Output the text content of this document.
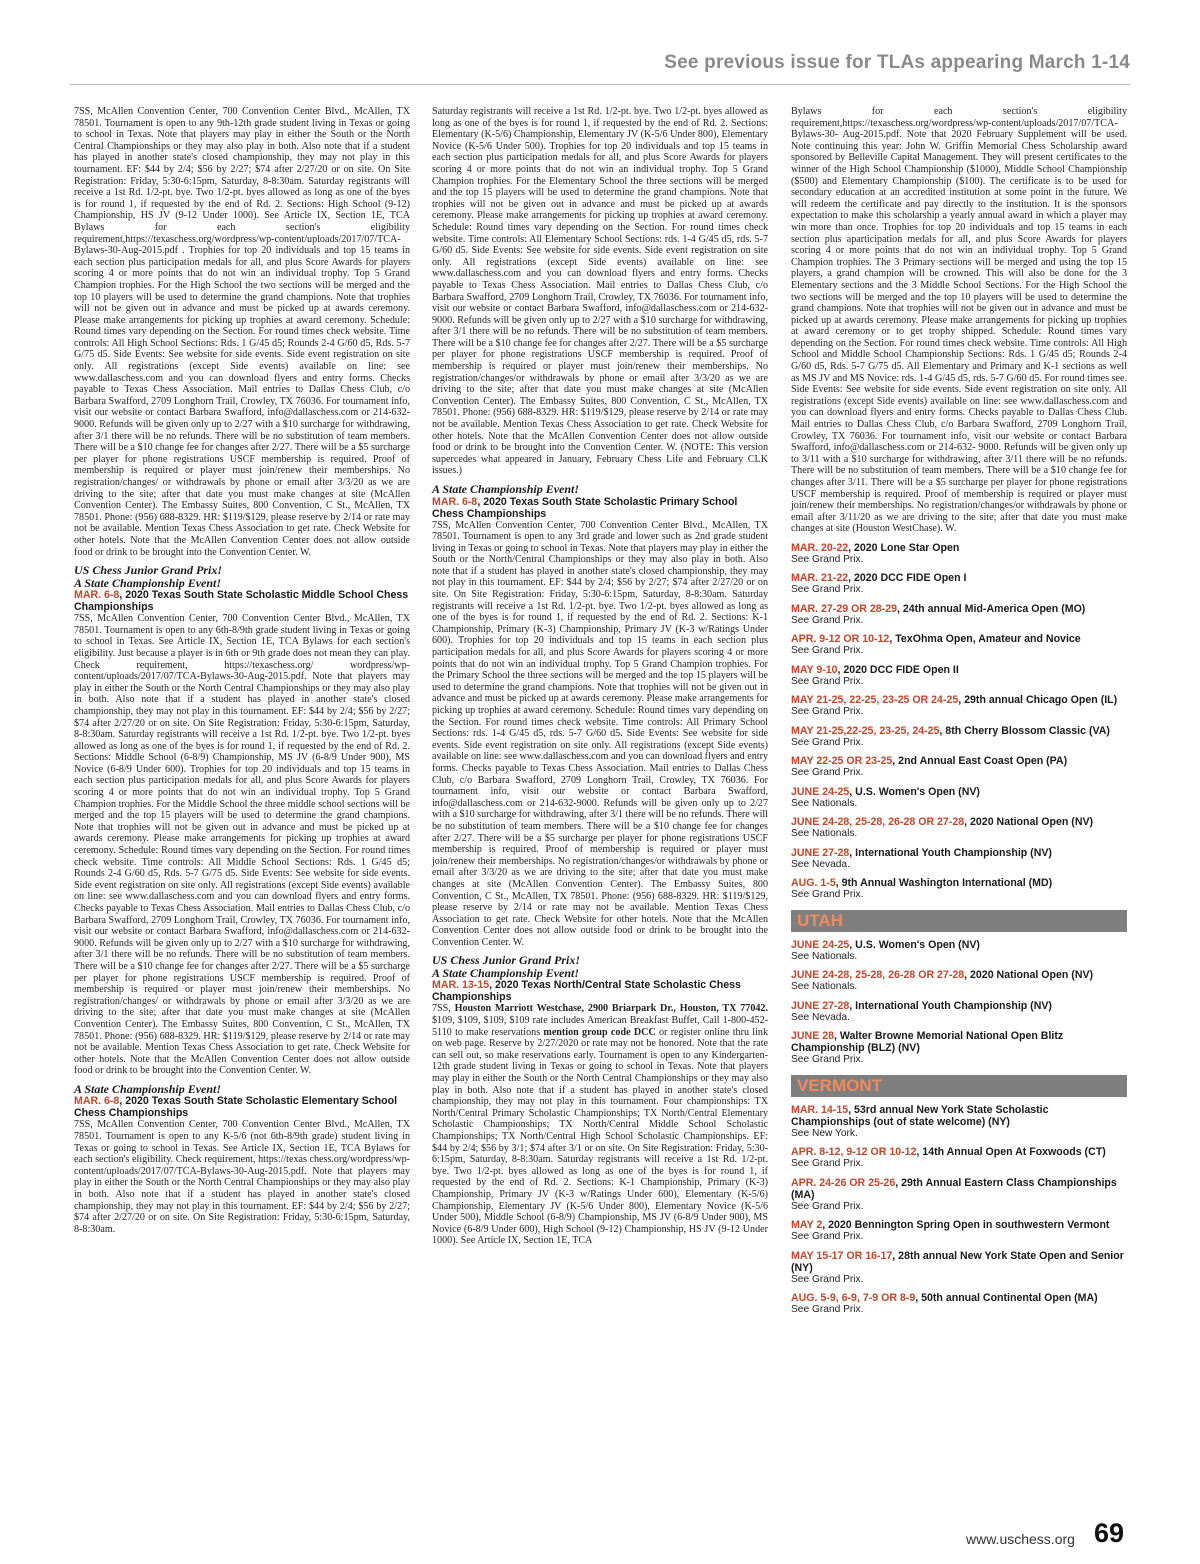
See previous issue for TLAs appearing March 1-14

7SS, McAllen Convention Center, 700 Convention Center Blvd., McAllen, TX 78501. Tournament is open to any 9th-12th grade student living in Texas or going to school in Texas. Note that players may play in either the South or the North Central Championships or they may also play in both. Also note that if a student has played in another state's closed championship, they may not play in this tournament. EF: $44 by 2/4; $56 by 2/27; $74 after 2/27/20 or on site. On Site Registration: Friday, 5:30-6:15pm, Saturday, 8-8:30am. Saturday registrants will receive a 1st Rd. 1/2-pt. bye. Two 1/2-pt. byes allowed as long as one of the byes is for round 1, if requested by the end of Rd. 2. Sections: High School (9-12) Championship, HS JV (9-12 Under 1000). See Article IX, Section 1E, TCA Bylaws for each section's eligibility requirement,https://texaschess.org/wordpress/wp-content/uploads/2017/07/TCA-Bylaws-30-Aug-2015.pdf . Trophies for top 20 individuals and top 15 teams in each section plus participation medals for all, and plus Score Awards for players scoring 4 or more points that do not win an individual trophy. Top 5 Grand Champion trophies. For the High School the two sections will be merged and the top 10 players will be used to determine the grand champions. Note that trophies will not be given out in advance and must be picked up at awards ceremony. Please make arrangements for picking up trophies at award ceremony. Schedule: Round times vary depending on the Section. For round times check website. Time controls: All High School Sections: Rds. 1 G/45 d5; Rounds 2-4 G/60 d5, Rds. 5-7 G/75 d5. Side Events: See website for side events. Side event registration on site only. All registrations (except Side events) available on line: see www.dallaschess.com and you can download flyers and entry forms. Checks payable to Texas Chess Association. Mail entries to Dallas Chess Club, c/o Barbara Swafford, 2709 Longhorn Trail, Crowley, TX 76036. For tournament info, visit our website or contact Barbara Swafford, info@dallaschess.com or 214-632-9000. Refunds will be given only up to 2/27 with a $10 surcharge for withdrawing, after 3/1 there will be no refunds. There will be no substitution of team members. There will be a $10 change fee for changes after 2/27. There will be a $5 surcharge per player for phone registrations USCF membership is required. Proof of membership is required or player must join/renew their memberships. No registration/changes/ or withdrawals by phone or email after 3/3/20 as we are driving to the site; after that date you must make changes at site (McAllen Convention Center). The Embassy Suites, 800 Convention, C St., McAllen, TX 78501. Phone: (956) 688-8329. HR: $119/$129, please reserve by 2/14 or rate may not be available. Mention Texas Chess Association to get rate. Check Website for other hotels. Note that the McAllen Convention Center does not allow outside food or drink to be brought into the Convention Center. W.

US Chess Junior Grand Prix!
A State Championship Event!
MAR. 6-8, 2020 Texas South State Scholastic Middle School Chess Championships

7SS, McAllen Convention Center, 700 Convention Center Blvd., McAllen, TX 78501. Tournament is open to any 6th-8/9th grade student living in Texas or going to school in Texas. See Article IX, Section 1E, TCA Bylaws for each section's eligibility. Just because a player is in 6th or 9th grade does not mean they can play. Check requirement, https://texaschess.org/ wordpress/wp-content/uploads/2017/07/TCA-Bylaws-30-Aug-2015.pdf. Note that players may play in either the South or the North Central Championships or they may also play in both. Also note that if a student has played in another state's closed championship, they may not play in this tournament. EF: $44 by 2/4; $56 by 2/27; $74 after 2/27/20 or on site. On Site Registration: Friday, 5:30-6:15pm, Saturday, 8-8:30am. Saturday registrants will receive a 1st Rd. 1/2-pt. bye. Two 1/2-pt. byes allowed as long as one of the byes is for round 1, if requested by the end of Rd. 2. Sections: Middle School (6-8/9) Championship, MS JV (6-8/9 Under 900), MS Novice (6-8/9 Under 600). Trophies for top 20 individuals and top 15 teams in each section plus participation medals for all, and plus Score Awards for players scoring 4 or more points that do not win an individual trophy. Top 5 Grand Champion trophies. For the Middle School the three middle school sections will be merged and the top 15 players will be used to determine the grand champions. Note that trophies will not be given out in advance and must be picked up at awards ceremony. Please make arrangements for picking up trophies at award ceremony. Schedule: Round times vary depending on the Section. For round times check website. Time controls: All Middle School Sections: Rds. 1 G/45 d5; Rounds 2-4 G/60 d5, Rds. 5-7 G/75 d5. Side Events: See website for side events. Side event registration on site only. All registrations (except Side events) available on line: see www.dallaschess.com and you can download flyers and entry forms. Checks payable to Texas Chess Association. Mail entries to Dallas Chess Club, c/o Barbara Swafford, 2709 Longhorn Trail, Crowley, TX 76036. For tournament info, visit our website or contact Barbara Swafford, info@dallaschess.com or 214-632-9000. Refunds will be given only up to 2/27 with a $10 surcharge for withdrawing, after 3/1 there will be no refunds. There will be no substitution of team members. There will be a $10 change fee for changes after 2/27. There will be a $5 surcharge per player for phone registrations USCF membership is required. Proof of membership is required or player must join/renew their memberships. No registration/changes/ or withdrawals by phone or email after 3/3/20 as we are driving to the site; after that date you must make changes at site (McAllen Convention Center). The Embassy Suites, 800 Convention, C St., McAllen, TX 78501. Phone: (956) 688-8329. HR: $119/$129, please reserve by 2/14 or rate may not be available. Mention Texas Chess Association to get rate. Check Website for other hotels. Note that the McAllen Convention Center does not allow outside food or drink to be brought into the Convention Center. W.

A State Championship Event!
MAR. 6-8, 2020 Texas South State Scholastic Elementary School Chess Championships

7SS, McAllen Convention Center, 700 Convention Center Blvd., McAllen, TX 78501. Tournament is open to any K-5/6 (not 6th-8/9th grade) student living in Texas or going to school in Texas. See Article IX, Section 1E, TCA Bylaws for each section's eligibility. Check requirement, https://texas chess.org/wordpress/wp-content/uploads/2017/07/TCA-Bylaws-30-Aug-2015.pdf. Note that players may play in either the South or the North Central Championships or they may also play in both. Also note that if a student has played in another state's closed championship, they may not play in this tournament. EF: $44 by 2/4; $56 by 2/27; $74 after 2/27/20 or on site. On Site Registration: Friday, 5:30-6:15pm, Saturday, 8-8:30am.

Saturday registrants will receive a 1st Rd. 1/2-pt. bye. Two 1/2-pt. byes allowed as long as one of the byes is for round 1, if requested by the end of Rd. 2. Sections: Elementary (K-5/6) Championship, Elementary JV (K-5/6 Under 800), Elementary Novice (K-5/6 Under 500). Trophies for top 20 individuals and top 15 teams in each section plus participation medals for all, and plus Score Awards for players scoring 4 or more points that do not win an individual trophy. Top 5 Grand Champion trophies. For the Elementary School the three sections will be merged and the top 15 players will be used to determine the grand champions. Note that trophies will not be given out in advance and must be picked up at awards ceremony. Please make arrangements for picking up trophies at award ceremony. Schedule: Round times vary depending on the Section. For round times check website. Time controls: All Elementary School Sections: rds. 1-4 G/45 d5, rds. 5-7 G/60 d5. Side Events: See website for side events. Side event registration on site only. All registrations (except Side events) available on line: see www.dallaschess.com and you can download flyers and entry forms. Checks payable to Texas Chess Association. Mail entries to Dallas Chess Club, c/o Barbara Swafford, 2709 Longhorn Trail, Crowley, TX 76036. For tournament info, visit our website or contact Barbara Swafford, info@dallaschess.com or 214-632-9000. Refunds will be given only up to 2/27 with a $10 surcharge for withdrawing, after 3/1 there will be no refunds. There will be no substitution of team members. There will be a $10 change fee for changes after 2/27. There will be a $5 surcharge per player for phone registrations USCF membership is required. Proof of membership is required or player must join/renew their memberships. No registration/changes/or withdrawals by phone or email after 3/3/20 as we are driving to the site; after that date you must make changes at site (McAllen Convention Center). The Embassy Suites, 800 Convention, C St., McAllen, TX 78501. Phone: (956) 688-8329. HR: $119/$129, please reserve by 2/14 or rate may not be available. Mention Texas Chess Association to get rate. Check Website for other hotels. Note that the McAllen Convention Center does not allow outside food or drink to be brought into the Convention Center. W. (NOTE: This version supercedes what appeared in January, February Chess Life and February CLK issues.)

A State Championship Event!
MAR. 6-8, 2020 Texas South State Scholastic Primary School Chess Championships

7SS, McAllen Convention Center, 700 Convention Center Blvd., McAllen, TX 78501. Tournament is open to any 3rd grade and lower such as 2nd grade student living in Texas or going to school in Texas. Note that players may play in either the South or the North/Central Championships or they may also play in both. Also note that if a student has played in another state's closed championship, they may not play in this tournament. EF: $44 by 2/4; $56 by 2/27; $74 after 2/27/20 or on site. On Site Registration: Friday, 5:30-6:15pm, Saturday, 8-8:30am. Saturday registrants will receive a 1st Rd. 1/2-pt. bye. Two 1/2-pt. byes allowed as long as one of the byes is for round 1, if requested by the end of Rd. 2. Sections: K-1 Championship, Primary (K-3) Championship, Primary JV (K-3 w/Ratings Under 600). Trophies for top 20 individuals and top 15 teams in each section plus participation medals for all, and plus Score Awards for players scoring 4 or more points that do not win an individual trophy. Top 5 Grand Champion trophies. For the Primary School the three sections will be merged and the top 15 players will be used to determine the grand champions. Note that trophies will not be given out in advance and must be picked up at awards ceremony. Please make arrangements for picking up trophies at award ceremony. Schedule: Round times vary depending on the Section. For round times check website. Time controls: All Primary School Sections: rds. 1-4 G/45 d5, rds. 5-7 G/60 d5. Side Events: See website for side events. Side event registration on site only. All registrations (except Side events) available on line: see www.dallaschess.com and you can download flyers and entry forms. Checks payable to Texas Chess Association. Mail entries to Dallas Chess Club, c/o Barbara Swafford, 2709 Longhorn Trail, Crowley, TX 76036. For tournament info, visit our website or contact Barbara Swafford, info@dallaschess.com or 214-632-9000. Refunds will be given only up to 2/27 with a $10 surcharge for withdrawing, after 3/1 there will be no refunds. There will be no substitution of team members. There will be a $10 change fee for changes after 2/27. There will be a $5 surcharge per player for phone registrations USCF membership is required. Proof of membership is required or player must join/renew their memberships. No registration/changes/or withdrawals by phone or email after 3/3/20 as we are driving to the site; after that date you must make changes at site (McAllen Convention Center). The Embassy Suites, 800 Convention, C St., McAllen, TX 78501. Phone: (956) 688-8329. HR: $119/$129, please reserve by 2/14 or rate may not be available. Mention Texas Chess Association to get rate. Check Website for other hotels. Note that the McAllen Convention Center does not allow outside food or drink to be brought into the Convention Center. W.

US Chess Junior Grand Prix!
A State Championship Event!
MAR. 13-15, 2020 Texas North/Central State Scholastic Chess Championships

7SS, Houston Marriott Westchase, 2900 Briarpark Dr., Houston, TX 77042. $109, $109, $109, $109 rate includes American Breakfast Buffet, Call 1-800-452-5110 to make reservations mention group code DCC or register online thru link on web page. Reserve by 2/27/2020 or rate may not be honored. Note that the rate can sell out, so make reservations early. Tournament is open to any Kindergarten-12th grade student living in Texas or going to school in Texas. Note that players may play in either the South or the North Central Championships or they may also play in both. Also note that if a student has played in another state's closed championship, they may not play in this tournament. Four championships: TX North/Central Primary Scholastic Championships; TX North/Central Elementary Scholastic Championships; TX North/Central Middle School Scholastic Championships; TX North/Central High School Scholastic Championships. EF: $44 by 2/4; $56 by 3/1; $74 after 3/1 or on site. On Site Registration: Friday, 5:30-6:15pm, Saturday, 8-8:30am. Saturday registrants will receive a 1st Rd. 1/2-pt. bye. Two 1/2-pt. byes allowed as long as one of the byes is for round 1, if requested by the end of Rd. 2. Sections: K-1 Championship, Primary (K-3) Championship, Primary JV (K-3 w/Ratings Under 600), Elementary (K-5/6) Championship, Elementary JV (K-5/6 Under 800), Elementary Novice (K-5/6 Under 500), Middle School (6-8/9) Championship, MS JV (6-8/9 Under 900), MS Novice (6-8/9 Under 600), High School (9-12) Championship, HS JV (9-12 Under 1000). See Article IX, Section 1E, TCA

Bylaws for each section's eligibility requirement,https://texaschess.org/wordpress/wp-content/uploads/2017/07/TCA-Bylaws-30- Aug-2015.pdf. Note that 2020 February Supplement will be used. Note continuing this year: John W. Griffin Memorial Chess Scholarship award sponsored by Belleville Capital Management. They will present certificates to the winner of the High School Championship ($1000), Middle School Championship ($500) and Elementary Championship ($100). The certificate is to be used for secondary education at an accredited institution at some point in the future. We will redeem the certificate and pay directly to the institution. It is the sponsors expectation to make this scholarship a yearly annual award in which a player may win more than once. Trophies for top 20 individuals and top 15 teams in each section plus aparticipation medals for all, and plus Score Awards for players scoring 4 or more points that do not win an individual trophy. Top 5 Grand Champion trophies. The 3 Primary sections will be merged and using the top 15 players, a grand champion will be crowned. This will also be done for the 3 Elementary sections and the 3 Middle School Sections. For the High School the two sections will be merged and the top 10 players will be used to determine the grand champions. Note that trophies will not be given out in advance and must be picked up at awards ceremony. Please make arrangements for picking up trophies at award ceremony or to get trophy shipped. Schedule: Round times vary depending on the Section. For round times check website. Time controls: All High School and Middle School Championship Sections: Rds. 1 G/45 d5; Rounds 2-4 G/60 d5, Rds. 5-7 G/75 d5. All Elementary and Primary and K-1 sections as well as MS JV and MS Novice: rds. 1-4 G/45 d5, rds. 5-7 G/60 d5. For round times see. Side Events: See website for side events. Side event registration on site only. All registrations (except Side events) available on line: see www.dallaschess.com and you can download flyers and entry forms. Checks payable to Dallas Chess Club. Mail entries to Dallas Chess Club, c/o Barbara Swafford, 2709 Longhorn Trail, Crowley, TX 76036. For tournament info, visit our website or contact Barbara Swafford, info@dallaschess.com or 214-632- 9000. Refunds will be given only up to 3/11 with a $10 surcharge for withdrawing, after 3/11 there will be no refunds. There will be no substitution of team members. There will be a $10 change fee for changes after 3/11. There will be a $5 surcharge per player for phone registrations USCF membership is required. Proof of membership is required or player must join/renew their memberships. No registration/changes/or withdrawals by phone or email after 3/11/20 as we are driving to the site; after that date you must make changes at site (Houston WestChase). W.

MAR. 20-22, 2020 Lone Star Open
See Grand Prix.
MAR. 21-22, 2020 DCC FIDE Open I
See Grand Prix.
MAR. 27-29 OR 28-29, 24th annual Mid-America Open (MO)
See Grand Prix.
APR. 9-12 OR 10-12, TexOhma Open, Amateur and Novice
See Grand Prix.
MAY 9-10, 2020 DCC FIDE Open II
See Grand Prix.
MAY 21-25, 22-25, 23-25 OR 24-25, 29th annual Chicago Open (IL)
See Grand Prix.
MAY 21-25,22-25, 23-25, 24-25, 8th Cherry Blossom Classic (VA)
See Grand Prix.
MAY 22-25 OR 23-25, 2nd Annual East Coast Open (PA)
See Grand Prix.
JUNE 24-25, U.S. Women's Open (NV)
See Nationals.
JUNE 24-28, 25-28, 26-28 OR 27-28, 2020 National Open (NV)
See Nationals.
JUNE 27-28, International Youth Championship (NV)
See Nevada.
AUG. 1-5, 9th Annual Washington International (MD)
See Grand Prix.
UTAH
JUNE 24-25, U.S. Women's Open (NV)
See Nationals.
JUNE 24-28, 25-28, 26-28 OR 27-28, 2020 National Open (NV)
See Nationals.
JUNE 27-28, International Youth Championship (NV)
See Nevada.
JUNE 28, Walter Browne Memorial National Open Blitz Championship (BLZ) (NV)
See Grand Prix.
VERMONT
MAR. 14-15, 53rd annual New York State Scholastic Championships (out of state welcome) (NY)
See New York.
APR. 8-12, 9-12 OR 10-12, 14th Annual Open At Foxwoods (CT)
See Grand Prix.
APR. 24-26 OR 25-26, 29th Annual Eastern Class Championships (MA)
See Grand Prix.
MAY 2, 2020 Bennington Spring Open in southwestern Vermont
See Grand Prix.
MAY 15-17 OR 16-17, 28th annual New York State Open and Senior (NY)
See Grand Prix.
AUG. 5-9, 6-9, 7-9 OR 8-9, 50th annual Continental Open (MA)
See Grand Prix.
www.uschess.org 69
